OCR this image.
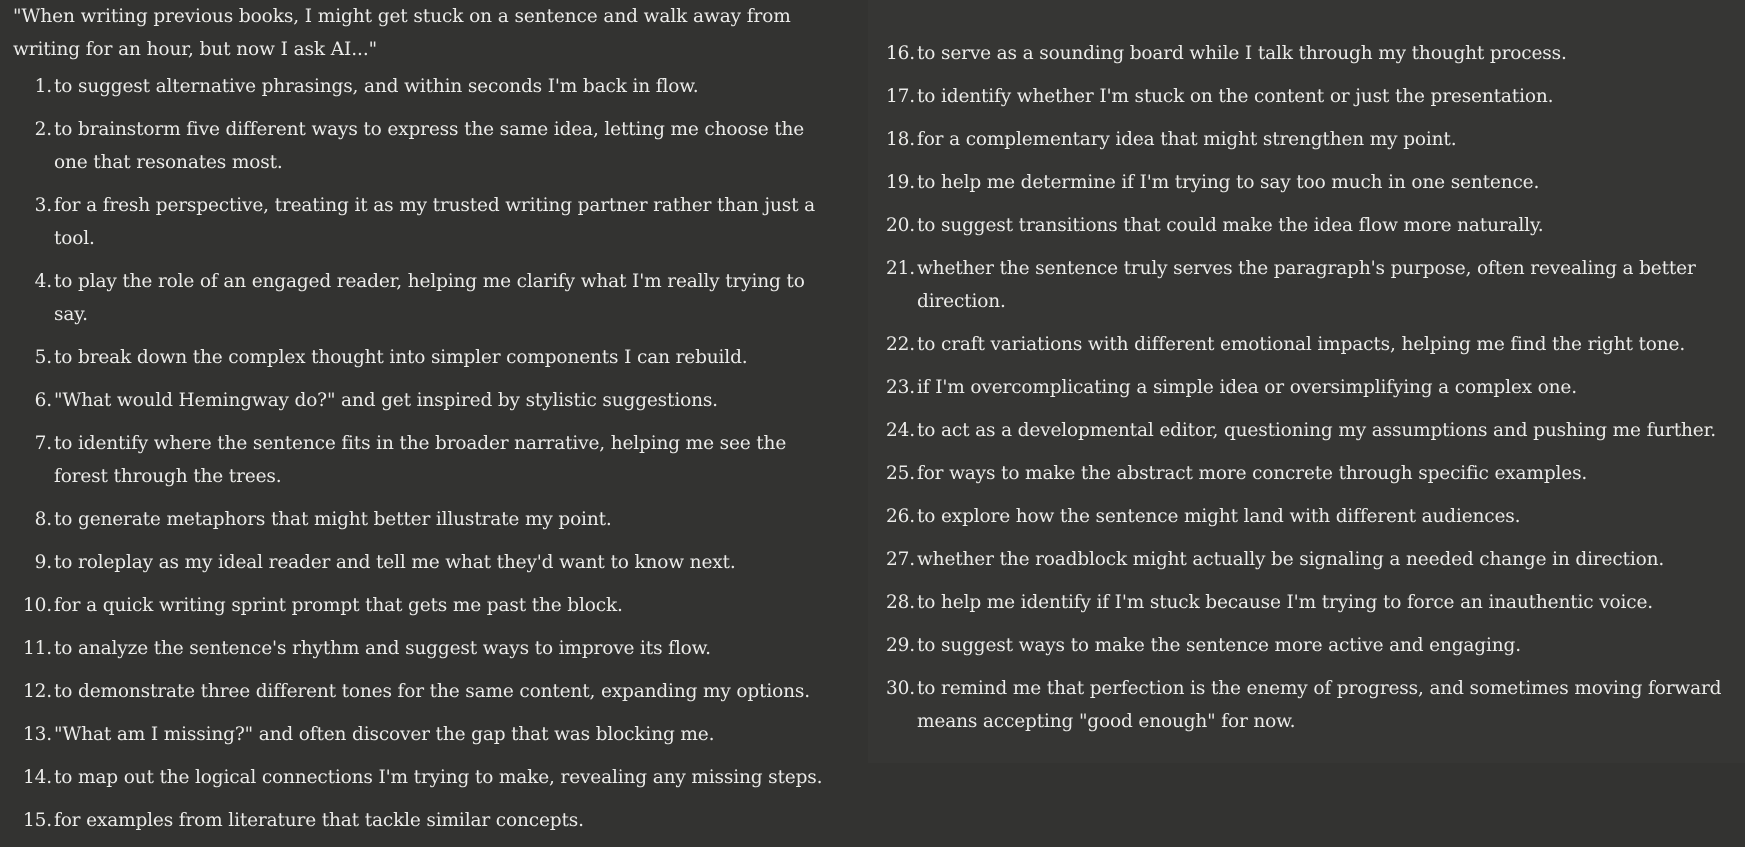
"When writing previous books, I might get stuck on a sentence and walk away from writing for an hour, but now I ask AI..."

1. to suggest alternative phrasings, and within seconds I'm back in flow.
2. to brainstorm five different ways to express the same idea, letting me choose the one that resonates most.
3. for a fresh perspective, treating it as my trusted writing partner rather than just a tool.
4. to play the role of an engaged reader, helping me clarify what I'm really trying to say.
5. to break down the complex thought into simpler components I can rebuild.
6. "What would Hemingway do?" and get inspired by stylistic suggestions.
7. to identify where the sentence fits in the broader narrative, helping me see the forest through the trees.
8. to generate metaphors that might better illustrate my point.
9. to roleplay as my ideal reader and tell me what they'd want to know next.
10. for a quick writing sprint prompt that gets me past the block.
11. to analyze the sentence's rhythm and suggest ways to improve its flow.
12. to demonstrate three different tones for the same content, expanding my options.
13. "What am I missing?" and often discover the gap that was blocking me.
14. to map out the logical connections I'm trying to make, revealing any missing steps.
15. for examples from literature that tackle similar concepts.
16. to serve as a sounding board while I talk through my thought process.
17. to identify whether I'm stuck on the content or just the presentation.
18. for a complementary idea that might strengthen my point.
19. to help me determine if I'm trying to say too much in one sentence.
20. to suggest transitions that could make the idea flow more naturally.
21. whether the sentence truly serves the paragraph's purpose, often revealing a better direction.
22. to craft variations with different emotional impacts, helping me find the right tone.
23. if I'm overcomplicating a simple idea or oversimplifying a complex one.
24. to act as a developmental editor, questioning my assumptions and pushing me further.
25. for ways to make the abstract more concrete through specific examples.
26. to explore how the sentence might land with different audiences.
27. whether the roadblock might actually be signaling a needed change in direction.
28. to help me identify if I'm stuck because I'm trying to force an inauthentic voice.
29. to suggest ways to make the sentence more active and engaging.
30. to remind me that perfection is the enemy of progress, and sometimes moving forward means accepting "good enough" for now.
